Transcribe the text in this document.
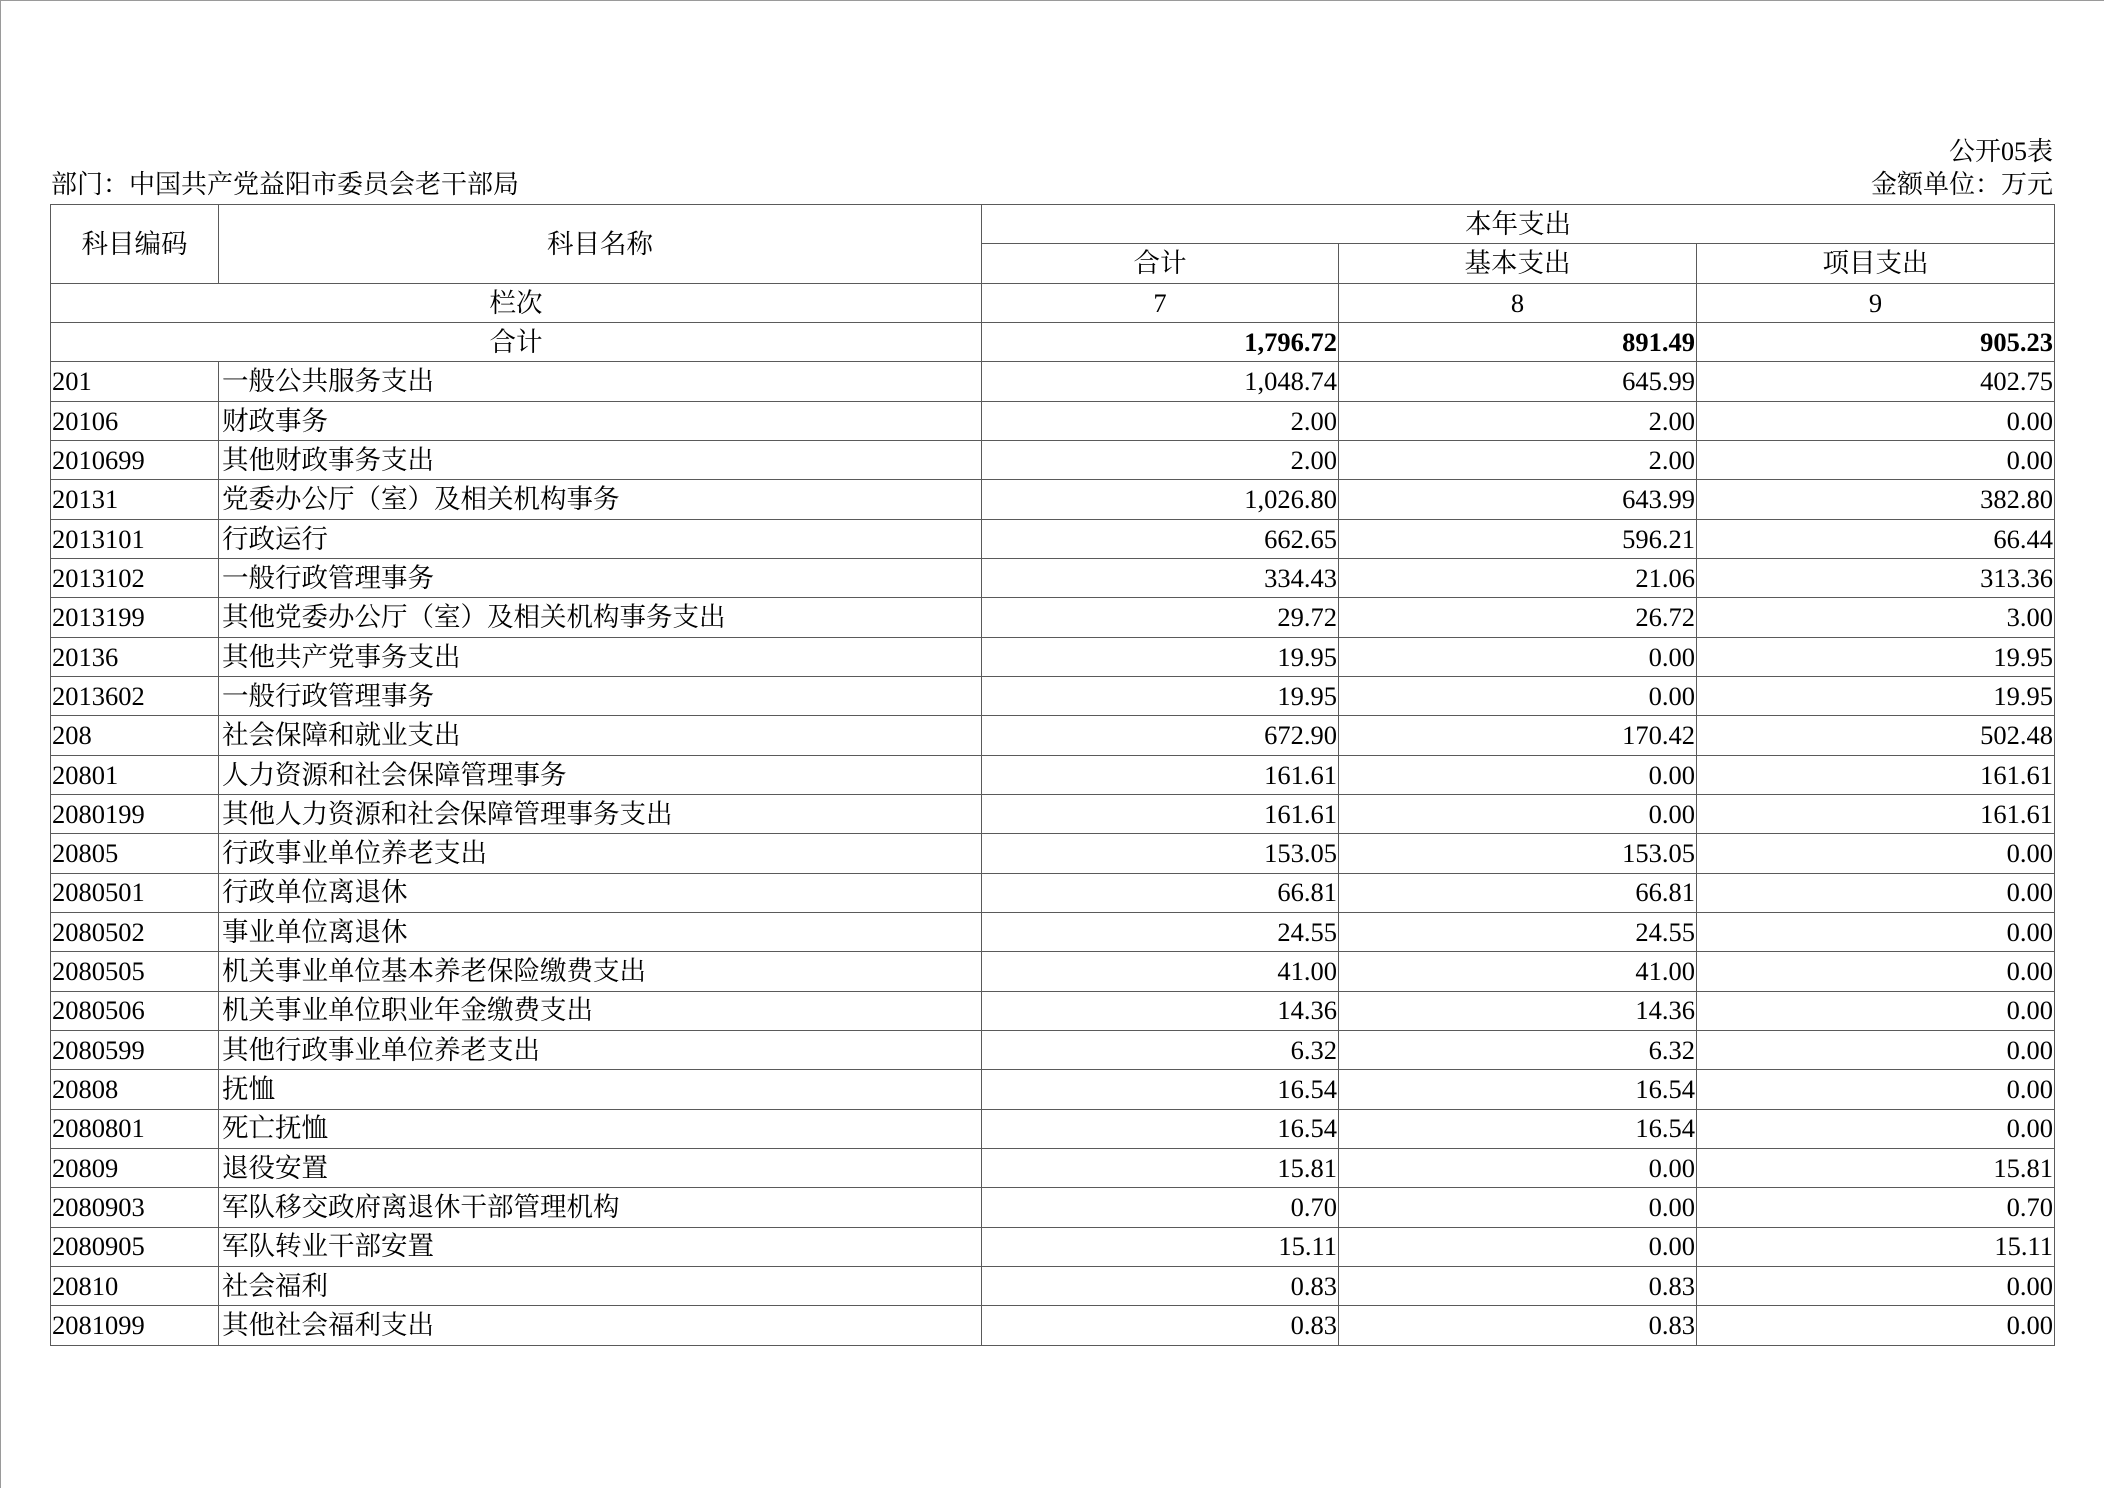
公开05表
部门：中国共产党益阳市委员会老干部局	金额单位：万元
科目编码	科目名称	本年支出		
		合计	基本支出	项目支出
栏次		7	8	9
合计		1,796.72	891.49	905.23
201	一般公共服务支出	1,048.74	645.99	402.75
20106	财政事务	2.00	2.00	0.00
2010699	其他财政事务支出	2.00	2.00	0.00
20131	党委办公厅（室）及相关机构事务	1,026.80	643.99	382.80
2013101	行政运行	662.65	596.21	66.44
2013102	一般行政管理事务	334.43	21.06	313.36
2013199	其他党委办公厅（室）及相关机构事务支出	29.72	26.72	3.00
20136	其他共产党事务支出	19.95	0.00	19.95
2013602	一般行政管理事务	19.95	0.00	19.95
208	社会保障和就业支出	672.90	170.42	502.48
20801	人力资源和社会保障管理事务	161.61	0.00	161.61
2080199	其他人力资源和社会保障管理事务支出	161.61	0.00	161.61
20805	行政事业单位养老支出	153.05	153.05	0.00
2080501	行政单位离退休	66.81	66.81	0.00
2080502	事业单位离退休	24.55	24.55	0.00
2080505	机关事业单位基本养老保险缴费支出	41.00	41.00	0.00
2080506	机关事业单位职业年金缴费支出	14.36	14.36	0.00
2080599	其他行政事业单位养老支出	6.32	6.32	0.00
20808	抚恤	16.54	16.54	0.00
2080801	死亡抚恤	16.54	16.54	0.00
20809	退役安置	15.81	0.00	15.81
2080903	军队移交政府离退休干部管理机构	0.70	0.00	0.70
2080905	军队转业干部安置	15.11	0.00	15.11
20810	社会福利	0.83	0.83	0.00
2081099	其他社会福利支出	0.83	0.83	0.00
